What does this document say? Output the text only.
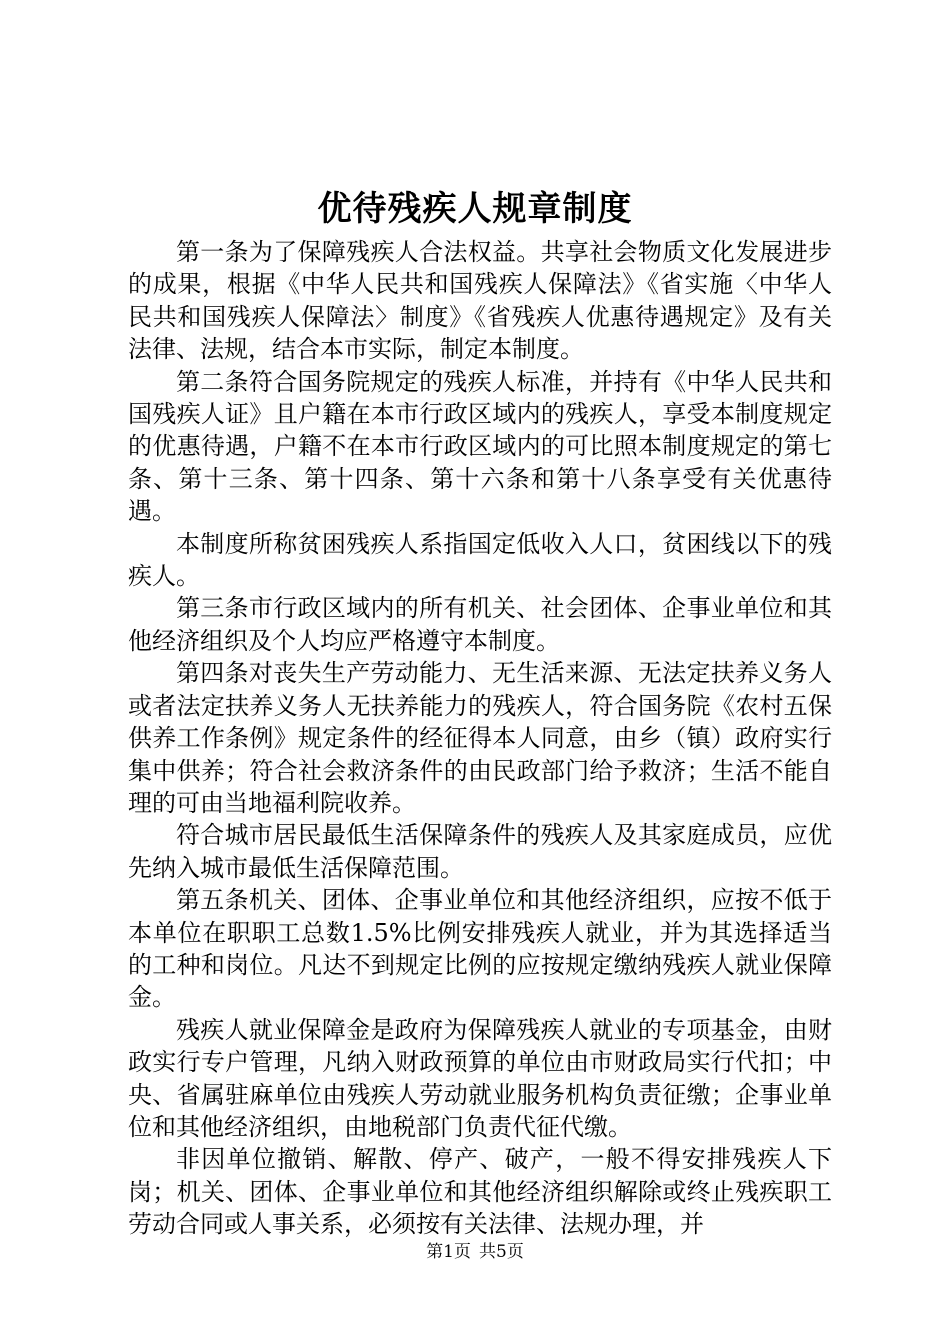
优待残疾人规章制度

第一条为了保障残疾人合法权益。共享社会物质文化发展进步的成果，根据《中华人民共和国残疾人保障法》《省实施〈中华人民共和国残疾人保障法〉制度》《省残疾人优惠待遇规定》及有关法律、法规，结合本市实际，制定本制度。

第二条符合国务院规定的残疾人标准，并持有《中华人民共和国残疾人证》且户籍在本市行政区域内的残疾人，享受本制度规定的优惠待遇，户籍不在本市行政区域内的可比照本制度规定的第七条、第十三条、第十四条、第十六条和第十八条享受有关优惠待遇。

本制度所称贫困残疾人系指国定低收入人口，贫困线以下的残疾人。

第三条市行政区域内的所有机关、社会团体、企事业单位和其他经济组织及个人均应严格遵守本制度。

第四条对丧失生产劳动能力、无生活来源、无法定扶养义务人或者法定扶养义务人无扶养能力的残疾人，符合国务院《农村五保供养工作条例》规定条件的经征得本人同意，由乡（镇）政府实行集中供养；符合社会救济条件的由民政部门给予救济；生活不能自理的可由当地福利院收养。

符合城市居民最低生活保障条件的残疾人及其家庭成员，应优先纳入城市最低生活保障范围。

第五条机关、团体、企事业单位和其他经济组织，应按不低于本单位在职职工总数1.5%比例安排残疾人就业，并为其选择适当的工种和岗位。凡达不到规定比例的应按规定缴纳残疾人就业保障金。

残疾人就业保障金是政府为保障残疾人就业的专项基金，由财政实行专户管理，凡纳入财政预算的单位由市财政局实行代扣；中央、省属驻麻单位由残疾人劳动就业服务机构负责征缴；企事业单位和其他经济组织，由地税部门负责代征代缴。

非因单位撤销、解散、停产、破产，一般不得安排残疾人下岗；机关、团体、企事业单位和其他经济组织解除或终止残疾职工劳动合同或人事关系，必须按有关法律、法规办理，并

第1页 共5页
